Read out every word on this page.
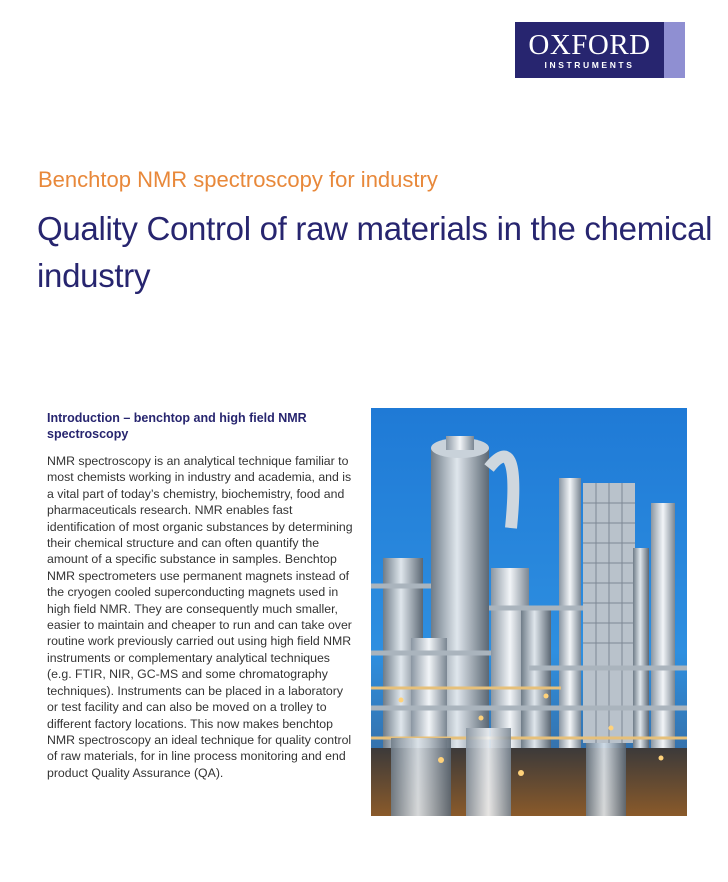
OXFORD
INSTRUMENTS
Benchtop NMR spectroscopy for industry
Quality Control of raw materials in the chemical industry
Introduction – benchtop and high field NMR spectroscopy

NMR spectroscopy is an analytical technique familiar to most chemists working in industry and academia, and is a vital part of today’s chemistry, biochemistry, food and pharmaceuticals research. NMR enables fast identification of most organic substances by determining their chemical structure and can often quantify the amount of a specific substance in samples. Benchtop NMR spectrometers use permanent magnets instead of the cryogen cooled superconducting magnets used in high field NMR. They are consequently much smaller, easier to maintain and cheaper to run and can take over routine work previously carried out using high field NMR instruments or complementary analytical techniques (e.g. FTIR, NIR, GC-MS and some chromatography techniques). Instruments can be placed in a laboratory or test facility and can also be moved on a trolley to different factory locations. This now makes benchtop NMR spectroscopy an ideal technique for quality control of raw materials, for in line process monitoring and end product Quality Assurance (QA).
